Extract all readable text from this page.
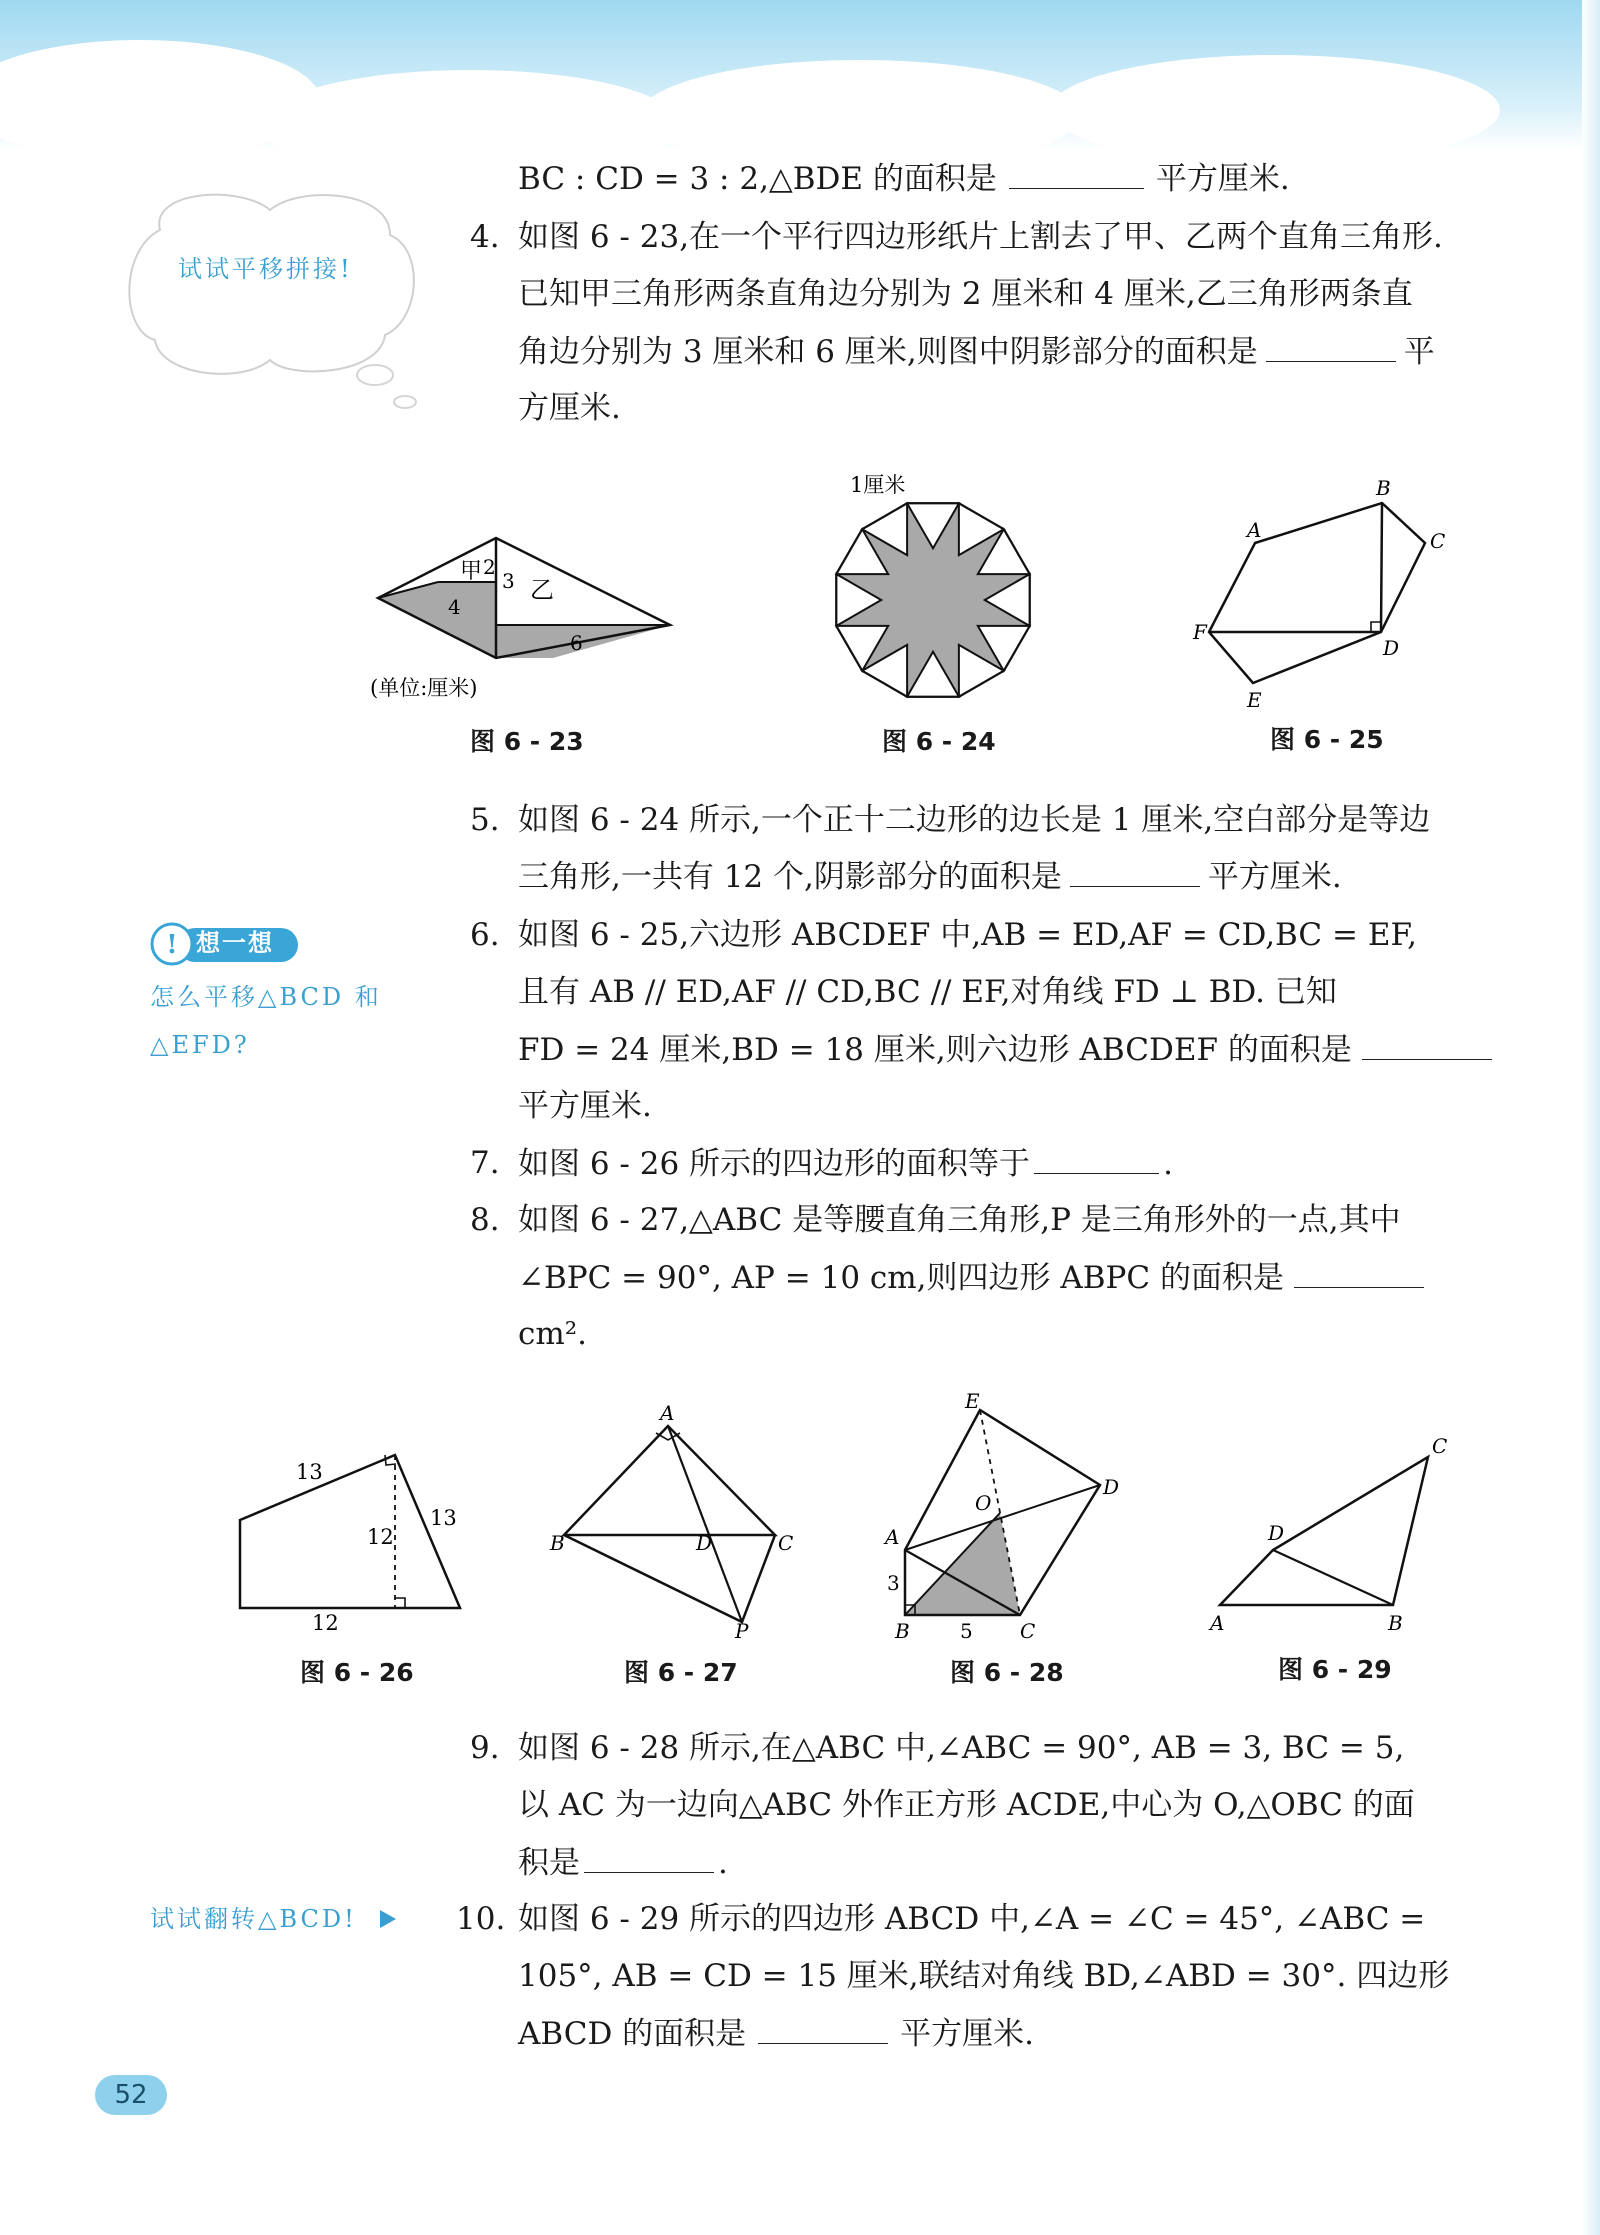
试试平移拼接!
! 想一想
怎么平移△BCD 和
△EFD?
试试翻转△BCD!
BC : CD = 3 : 2,△BDE 的面积是	平方厘米.
4. 如图 6 - 23,在一个平行四边形纸片上割去了甲、乙两个直角三角形.
已知甲三角形两条直角边分别为 2 厘米和 4 厘米,乙三角形两条直
角边分别为 3 厘米和 6 厘米,则图中阴影部分的面积是	平
方厘米.
甲 2
3 乙
4
6
(单位:厘米)
图 6 - 23
1厘米
图 6 - 24
A
B
C
D
E
F
图 6 - 25
5. 如图 6 - 24 所示,一个正十二边形的边长是 1 厘米,空白部分是等边
三角形,一共有 12 个,阴影部分的面积是	平方厘米.
6. 如图 6 - 25,六边形 ABCDEF 中,AB = ED,AF = CD,BC = EF,
且有 AB // ED,AF // CD,BC // EF,对角线 FD ⊥ BD. 已知
FD = 24 厘米,BD = 18 厘米,则六边形 ABCDEF 的面积是
平方厘米.
7. 如图 6 - 26 所示的四边形的面积等于	.
8. 如图 6 - 27,△ABC 是等腰直角三角形,P 是三角形外的一点,其中
∠BPC = 90°, AP = 10 cm,则四边形 ABPC 的面积是
cm².
13
13
12
12
图 6 - 26
A
B	C
D
P
图 6 - 27
E
D
O
A
B	C
3
5
图 6 - 28
A	B
C
D
图 6 - 29
9. 如图 6 - 28 所示,在△ABC 中,∠ABC = 90°, AB = 3, BC = 5,
以 AC 为一边向△ABC 外作正方形 ACDE,中心为 O,△OBC 的面
积是	.
10. 如图 6 - 29 所示的四边形 ABCD 中,∠A = ∠C = 45°, ∠ABC =
105°, AB = CD = 15 厘米,联结对角线 BD,∠ABD = 30°. 四边形
ABCD 的面积是	平方厘米.
52
